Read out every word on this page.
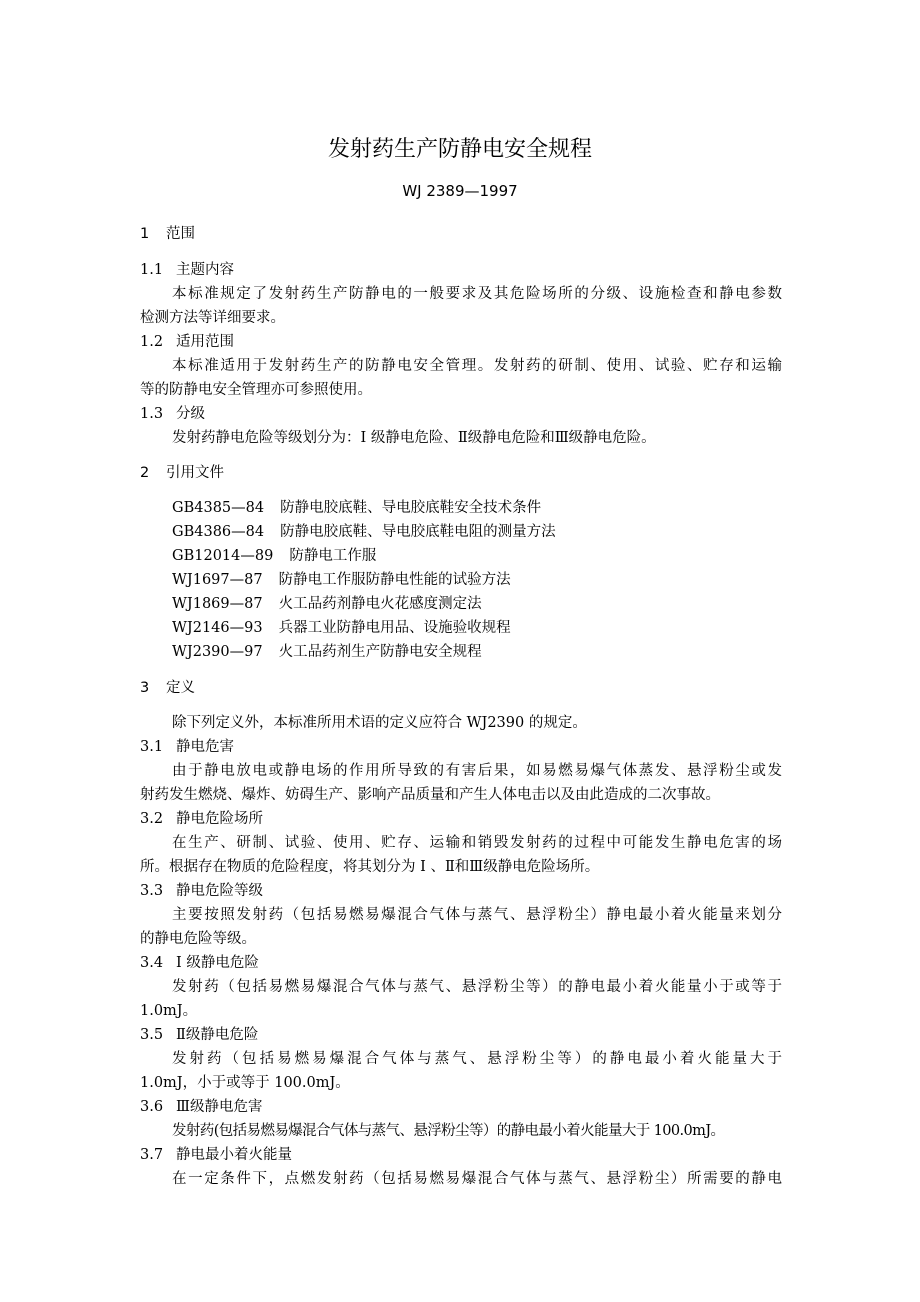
发射药生产防静电安全规程
WJ 2389—1997
1 范围
1.1 主题内容
本标准规定了发射药生产防静电的一般要求及其危险场所的分级、设施检查和静电参数
检测方法等详细要求。
1.2 适用范围
本标准适用于发射药生产的防静电安全管理。发射药的研制、使用、试验、贮存和运输
等的防静电安全管理亦可参照使用。
1.3 分级
发射药静电危险等级划分为：I 级静电危险、Ⅱ级静电危险和Ⅲ级静电危险。
2 引用文件
GB4385—84 防静电胶底鞋、导电胶底鞋安全技术条件
GB4386—84 防静电胶底鞋、导电胶底鞋电阻的测量方法
GB12014—89 防静电工作服
WJ1697—87 防静电工作服防静电性能的试验方法
WJ1869—87 火工品药剂静电火花感度测定法
WJ2146—93 兵器工业防静电用品、设施验收规程
WJ2390—97 火工品药剂生产防静电安全规程
3 定义
除下列定义外，本标准所用术语的定义应符合 WJ2390 的规定。
3.1 静电危害
由于静电放电或静电场的作用所导致的有害后果，如易燃易爆气体蒸发、悬浮粉尘或发
射药发生燃烧、爆炸、妨碍生产、影响产品质量和产生人体电击以及由此造成的二次事故。
3.2 静电危险场所
在生产、研制、试验、使用、贮存、运输和销毁发射药的过程中可能发生静电危害的场
所。根据存在物质的危险程度，将其划分为 I 、Ⅱ和Ⅲ级静电危险场所。
3.3 静电危险等级
主要按照发射药（包括易燃易爆混合气体与蒸气、悬浮粉尘）静电最小着火能量来划分
的静电危险等级。
3.4 I 级静电危险
发射药（包括易燃易爆混合气体与蒸气、悬浮粉尘等）的静电最小着火能量小于或等于
1.0mJ。
3.5 Ⅱ级静电危险
发射药（包括易燃易爆混合气体与蒸气、悬浮粉尘等）的静电最小着火能量大于
1.0mJ，小于或等于 100.0mJ。
3.6 Ⅲ级静电危害
发射药(包括易燃易爆混合气体与蒸气、悬浮粉尘等）的静电最小着火能量大于 100.0mJ。
3.7 静电最小着火能量
在一定条件下，点燃发射药（包括易燃易爆混合气体与蒸气、悬浮粉尘）所需要的静电
